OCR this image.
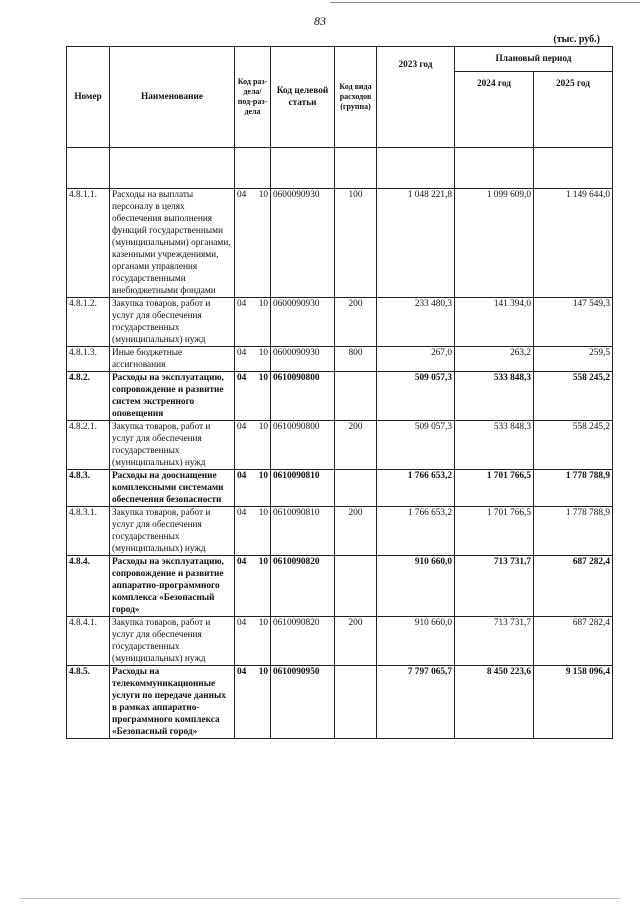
83
(тыс. руб.)
Номер	Наименование	Код раз-дела/ под-раз-дела	Код целевой статьи	Код вида расходов (группа)	2023 год	Плановый период	
						2024 год	2025 год

4.8.1.1.	Расходы на выплаты персоналу в целях обеспечения выполнения функций государственными (муниципальными) органами, казенными учреждениями, органами управления государственными внебюджетными фондами	04 10	0600090930	100	1 048 221,8	1 099 609,0	1 149 644,0
4.8.1.2.	Закупка товаров, работ и услуг для обеспечения государственных (муниципальных) нужд	04 10	0600090930	200	233 480,3	141 394,0	147 549,3
4.8.1.3.	Иные бюджетные ассигнования	04 10	0600090930	800	267,0	263,2	259,5
4.8.2.	Расходы на эксплуатацию, сопровождение и развитие систем экстренного оповещения	04 10	0610090800		509 057,3	533 848,3	558 245,2
4.8.2.1.	Закупка товаров, работ и услуг для обеспечения государственных (муниципальных) нужд	04 10	0610090800	200	509 057,3	533 848,3	558 245,2
4.8.3.	Расходы на дооснащение комплексными системами обеспечения безопасности	04 10	0610090810		1 766 653,2	1 701 766,5	1 778 788,9
4.8.3.1.	Закупка товаров, работ и услуг для обеспечения государственных (муниципальных) нужд	04 10	0610090810	200	1 766 653,2	1 701 766,5	1 778 788,9
4.8.4.	Расходы на эксплуатацию, сопровождение и развитие аппаратно-программного комплекса «Безопасный город»	04 10	0610090820		910 660,0	713 731,7	687 282,4
4.8.4.1.	Закупка товаров, работ и услуг для обеспечения государственных (муниципальных) нужд	04 10	0610090820	200	910 660,0	713 731,7	687 282,4
4.8.5.	Расходы на телекоммуникационные услуги по передаче данных в рамках аппаратно-программного комплекса «Безопасный город»	04 10	0610090950		7 797 065,7	8 450 223,6	9 158 096,4
